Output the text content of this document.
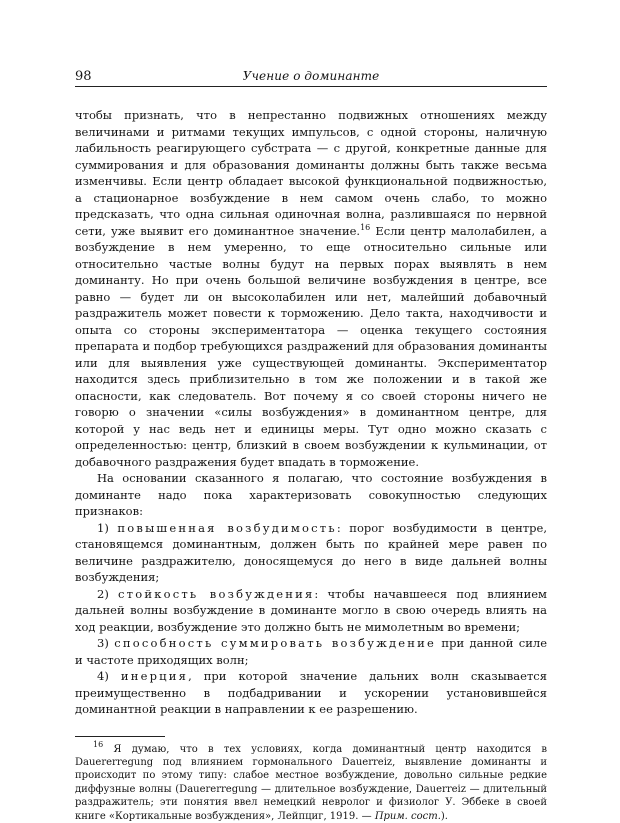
98	Учение о доминанте

чтобы признать, что в непрестанно подвижных отношениях между величинами и ритмами текущих импульсов, с одной стороны, наличную лабильность реагирующего субстрата — с другой, конкретные данные для суммирования и для образования доминанты должны быть также весьма изменчивы. Если центр обладает высокой функциональной подвижностью, а стационарное возбуждение в нем самом очень слабо, то можно предсказать, что одна сильная одиночная волна, разлившаяся по нервной сети, уже выявит его доминантное значение.$^{16}$ Если центр малолабилен, а возбуждение в нем умеренно, то еще относительно сильные или относительно частые волны будут на первых порах выявлять в нем доминанту. Но при очень большой величине возбуждения в центре, все равно — будет ли он высоколабилен или нет, малейший добавочный раздражитель может повести к торможению. Дело такта, находчивости и опыта со стороны экспериментатора — оценка текущего состояния препарата и подбор требующихся раздражений для образования доминанты или для выявления уже существующей доминанты. Экспериментатор находится здесь приблизительно в том же положении и в такой же опасности, как следователь. Вот почему я со своей стороны ничего не говорю о значении «силы возбуждения» в доминантном центре, для которой у нас ведь нет и единицы меры. Тут одно можно сказать с определенностью: центр, близкий в своем возбуждении к кульминации, от добавочного раздражения будет впадать в торможение.

На основании сказанного я полагаю, что состояние возбуждения в доминанте надо пока характеризовать совокупностью следующих признаков:

1) повышенная возбудимость: порог возбудимости в центре, становящемся доминантным, должен быть по крайней мере равен по величине раздражителю, доносящемуся до него в виде дальней волны возбуждения;

2) стойкость возбуждения: чтобы начавшееся под влиянием дальней волны возбуждение в доминанте могло в свою очередь влиять на ход реакции, возбуждение это должно быть не мимолетным во времени;

3) способность суммировать возбуждение при данной силе и частоте приходящих волн;

4) инерция, при которой значение дальних волн сказывается преимущественно в подбадривании и ускорении установившейся доминантной реакции в направлении к ее разрешению.

$^{16}$ Я думаю, что в тех условиях, когда доминантный центр находится в Dauererregung под влиянием гормонального Dauerreiz, выявление доминанты и происходит по этому типу: слабое местное возбуждение, довольно сильные редкие диффузные волны (Dauererregung — длительное возбуждение, Dauerreiz — длительный раздражитель; эти понятия ввел немецкий невролог и физиолог У. Эббеке в своей книге «Кортикальные возбуждения», Лейпциг, 1919. — Прим. сост.).
